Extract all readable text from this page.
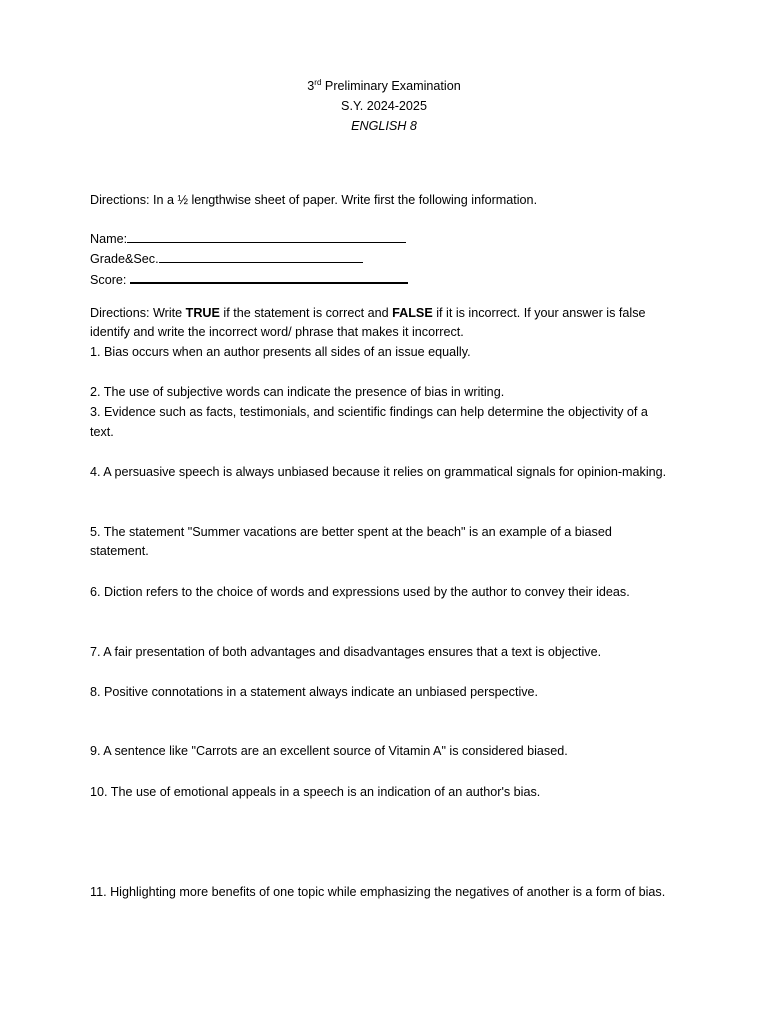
3rd Preliminary Examination
S.Y. 2024-2025
ENGLISH 8
Directions: In a ½ lengthwise sheet of paper. Write first the following information.
Name:
Grade&Sec.
Score:
Directions: Write TRUE if the statement is correct and FALSE if it is incorrect. If your answer is false
identify and write the incorrect word/ phrase that makes it incorrect.
1. Bias occurs when an author presents all sides of an issue equally.
2. The use of subjective words can indicate the presence of bias in writing.
3. Evidence such as facts, testimonials, and scientific findings can help determine the objectivity of a
text.
4. A persuasive speech is always unbiased because it relies on grammatical signals for opinion-making.
5. The statement "Summer vacations are better spent at the beach" is an example of a biased
statement.
6. Diction refers to the choice of words and expressions used by the author to convey their ideas.
7. A fair presentation of both advantages and disadvantages ensures that a text is objective.
8. Positive connotations in a statement always indicate an unbiased perspective.
9. A sentence like "Carrots are an excellent source of Vitamin A" is considered biased.
10. The use of emotional appeals in a speech is an indication of an author's bias.
11. Highlighting more benefits of one topic while emphasizing the negatives of another is a form of bias.
